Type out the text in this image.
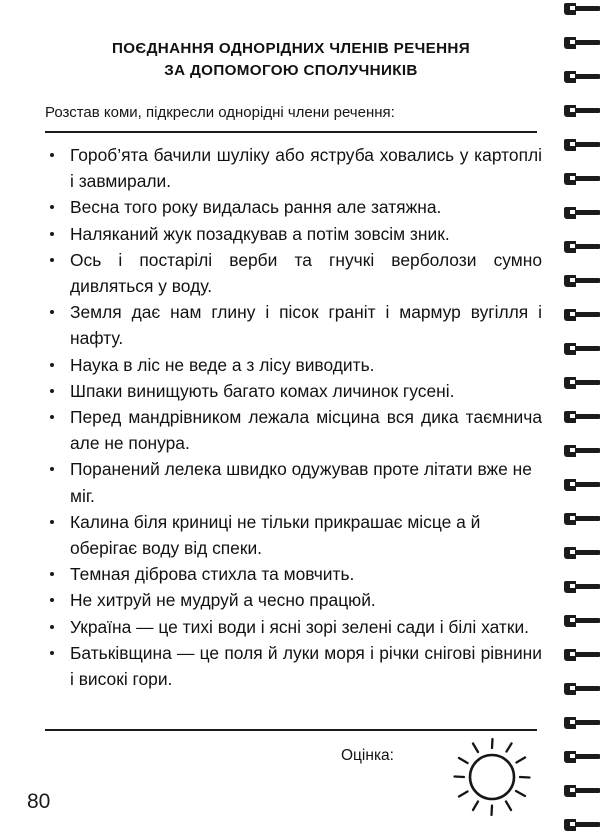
ПОЄДНАННЯ ОДНОРІДНИХ ЧЛЕНІВ РЕЧЕННЯ
ЗА ДОПОМОГОЮ СПОЛУЧНИКІВ
Розстав коми, підкресли однорідні члени речення:
Гороб’ята бачили шуліку або яструба ховались у картоплі і завмирали.
Весна того року видалась рання але затяжна.
Наляканий жук позадкував а потім зовсім зник.
Ось і постарілі верби та гнучкі верболози сумно дивляться у воду.
Земля дає нам глину і пісок граніт і мармур вугілля і нафту.
Наука в ліс не веде а з лісу виводить.
Шпаки винищують багато комах личинок гусені.
Перед мандрівником лежала місцина вся дика таємнича але не понура.
Поранений лелека швидко одужував проте літати вже не міг.
Калина біля криниці не тільки прикрашає місце а й оберігає воду від спеки.
Темная діброва стихла та мовчить.
Не хитруй не мудруй а чесно працюй.
Україна — це тихі води і ясні зорі зелені сади і білі хатки.
Батьківщина — це поля й луки моря і річки снігові рівнини і високі гори.
Оцінка:
80
